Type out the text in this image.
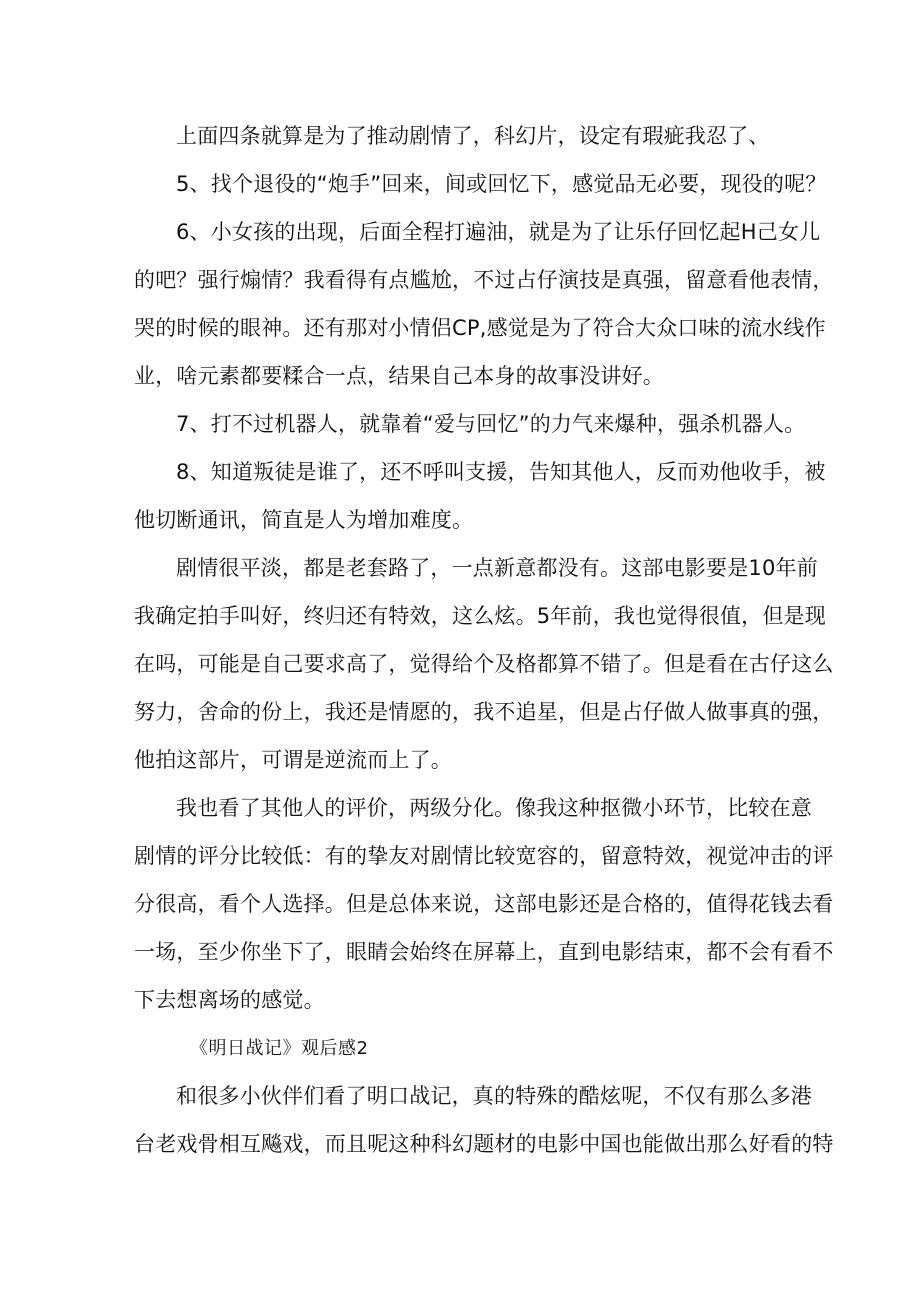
上面四条就算是为了推动剧情了，科幻片，设定有瑕疵我忍了、
5、找个退役的“炮手”回来，间或回忆下，感觉品无必要，现役的呢？
6、小女孩的出现，后面全程打遍油，就是为了让乐仔回忆起H己女儿
的吧？强行煽情？我看得有点尴尬，不过占仔演技是真强，留意看他表情，
哭的时候的眼神。还有那对小情侣CP,感觉是为了符合大众口味的流水线作
业，啥元素都要糅合一点，结果自己本身的故事没讲好。
7、打不过机器人，就靠着“爱与回忆”的力气来爆种，强杀机器人。
8、知道叛徒是谁了，还不呼叫支援，告知其他人，反而劝他收手，被
他切断通讯，简直是人为增加难度。
剧情很平淡，都是老套路了，一点新意都没有。这部电影要是10年前
我确定拍手叫好，终归还有特效，这么炫。5年前，我也觉得很值，但是现
在吗，可能是自己要求高了，觉得给个及格都算不错了。但是看在古仔这么
努力，舍命的份上，我还是情愿的，我不追星，但是占仔做人做事真的强，
他拍这部片，可谓是逆流而上了。
我也看了其他人的评价，两级分化。像我这种抠微小环节，比较在意
剧情的评分比较低：有的挚友对剧情比较宽容的，留意特效，视觉冲击的评
分很高，看个人选择。但是总体来说，这部电影还是合格的，值得花钱去看
一场，至少你坐下了，眼睛会始终在屏幕上，直到电影结束，都不会有看不
下去想离场的感觉。
《明日战记》观后感2
和很多小伙伴们看了明口战记，真的特殊的酷炫呢，不仅有那么多港
台老戏骨相互飚戏，而且呢这种科幻题材的电影中国也能做出那么好看的特
